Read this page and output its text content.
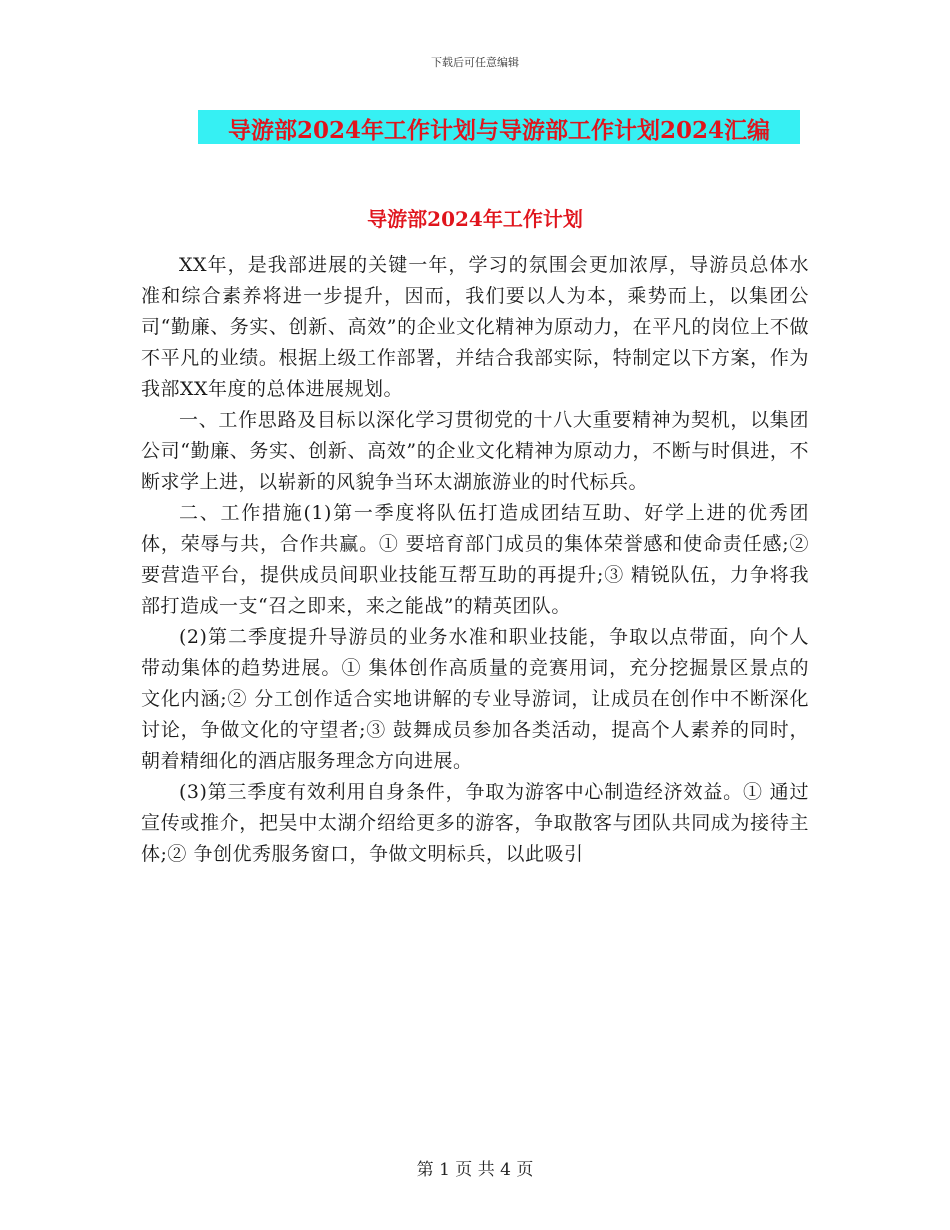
下载后可任意编辑
导游部2024年工作计划与导游部工作计划2024汇编
导游部2024年工作计划

XX年，是我部进展的关键一年，学习的氛围会更加浓厚，导游员总体水准和综合素养将进一步提升，因而，我们要以人为本，乘势而上，以集团公司“勤廉、务实、创新、高效”的企业文化精神为原动力，在平凡的岗位上不做不平凡的业绩。根据上级工作部署，并结合我部实际，特制定以下方案，作为我部XX年度的总体进展规划。

一、工作思路及目标以深化学习贯彻党的十八大重要精神为契机，以集团公司“勤廉、务实、创新、高效”的企业文化精神为原动力，不断与时俱进，不断求学上进，以崭新的风貌争当环太湖旅游业的时代标兵。

二、工作措施(1)第一季度将队伍打造成团结互助、好学上进的优秀团体，荣辱与共，合作共赢。① 要培育部门成员的集体荣誉感和使命责任感;② 要营造平台，提供成员间职业技能互帮互助的再提升;③ 精锐队伍，力争将我部打造成一支“召之即来，来之能战”的精英团队。

(2)第二季度提升导游员的业务水准和职业技能，争取以点带面，向个人带动集体的趋势进展。① 集体创作高质量的竞赛用词，充分挖掘景区景点的文化内涵;② 分工创作适合实地讲解的专业导游词，让成员在创作中不断深化讨论，争做文化的守望者;③ 鼓舞成员参加各类活动，提高个人素养的同时，朝着精细化的酒店服务理念方向进展。

(3)第三季度有效利用自身条件，争取为游客中心制造经济效益。① 通过宣传或推介，把吴中太湖介绍给更多的游客，争取散客与团队共同成为接待主体;② 争创优秀服务窗口，争做文明标兵，以此吸引

第 1 页 共 4 页
